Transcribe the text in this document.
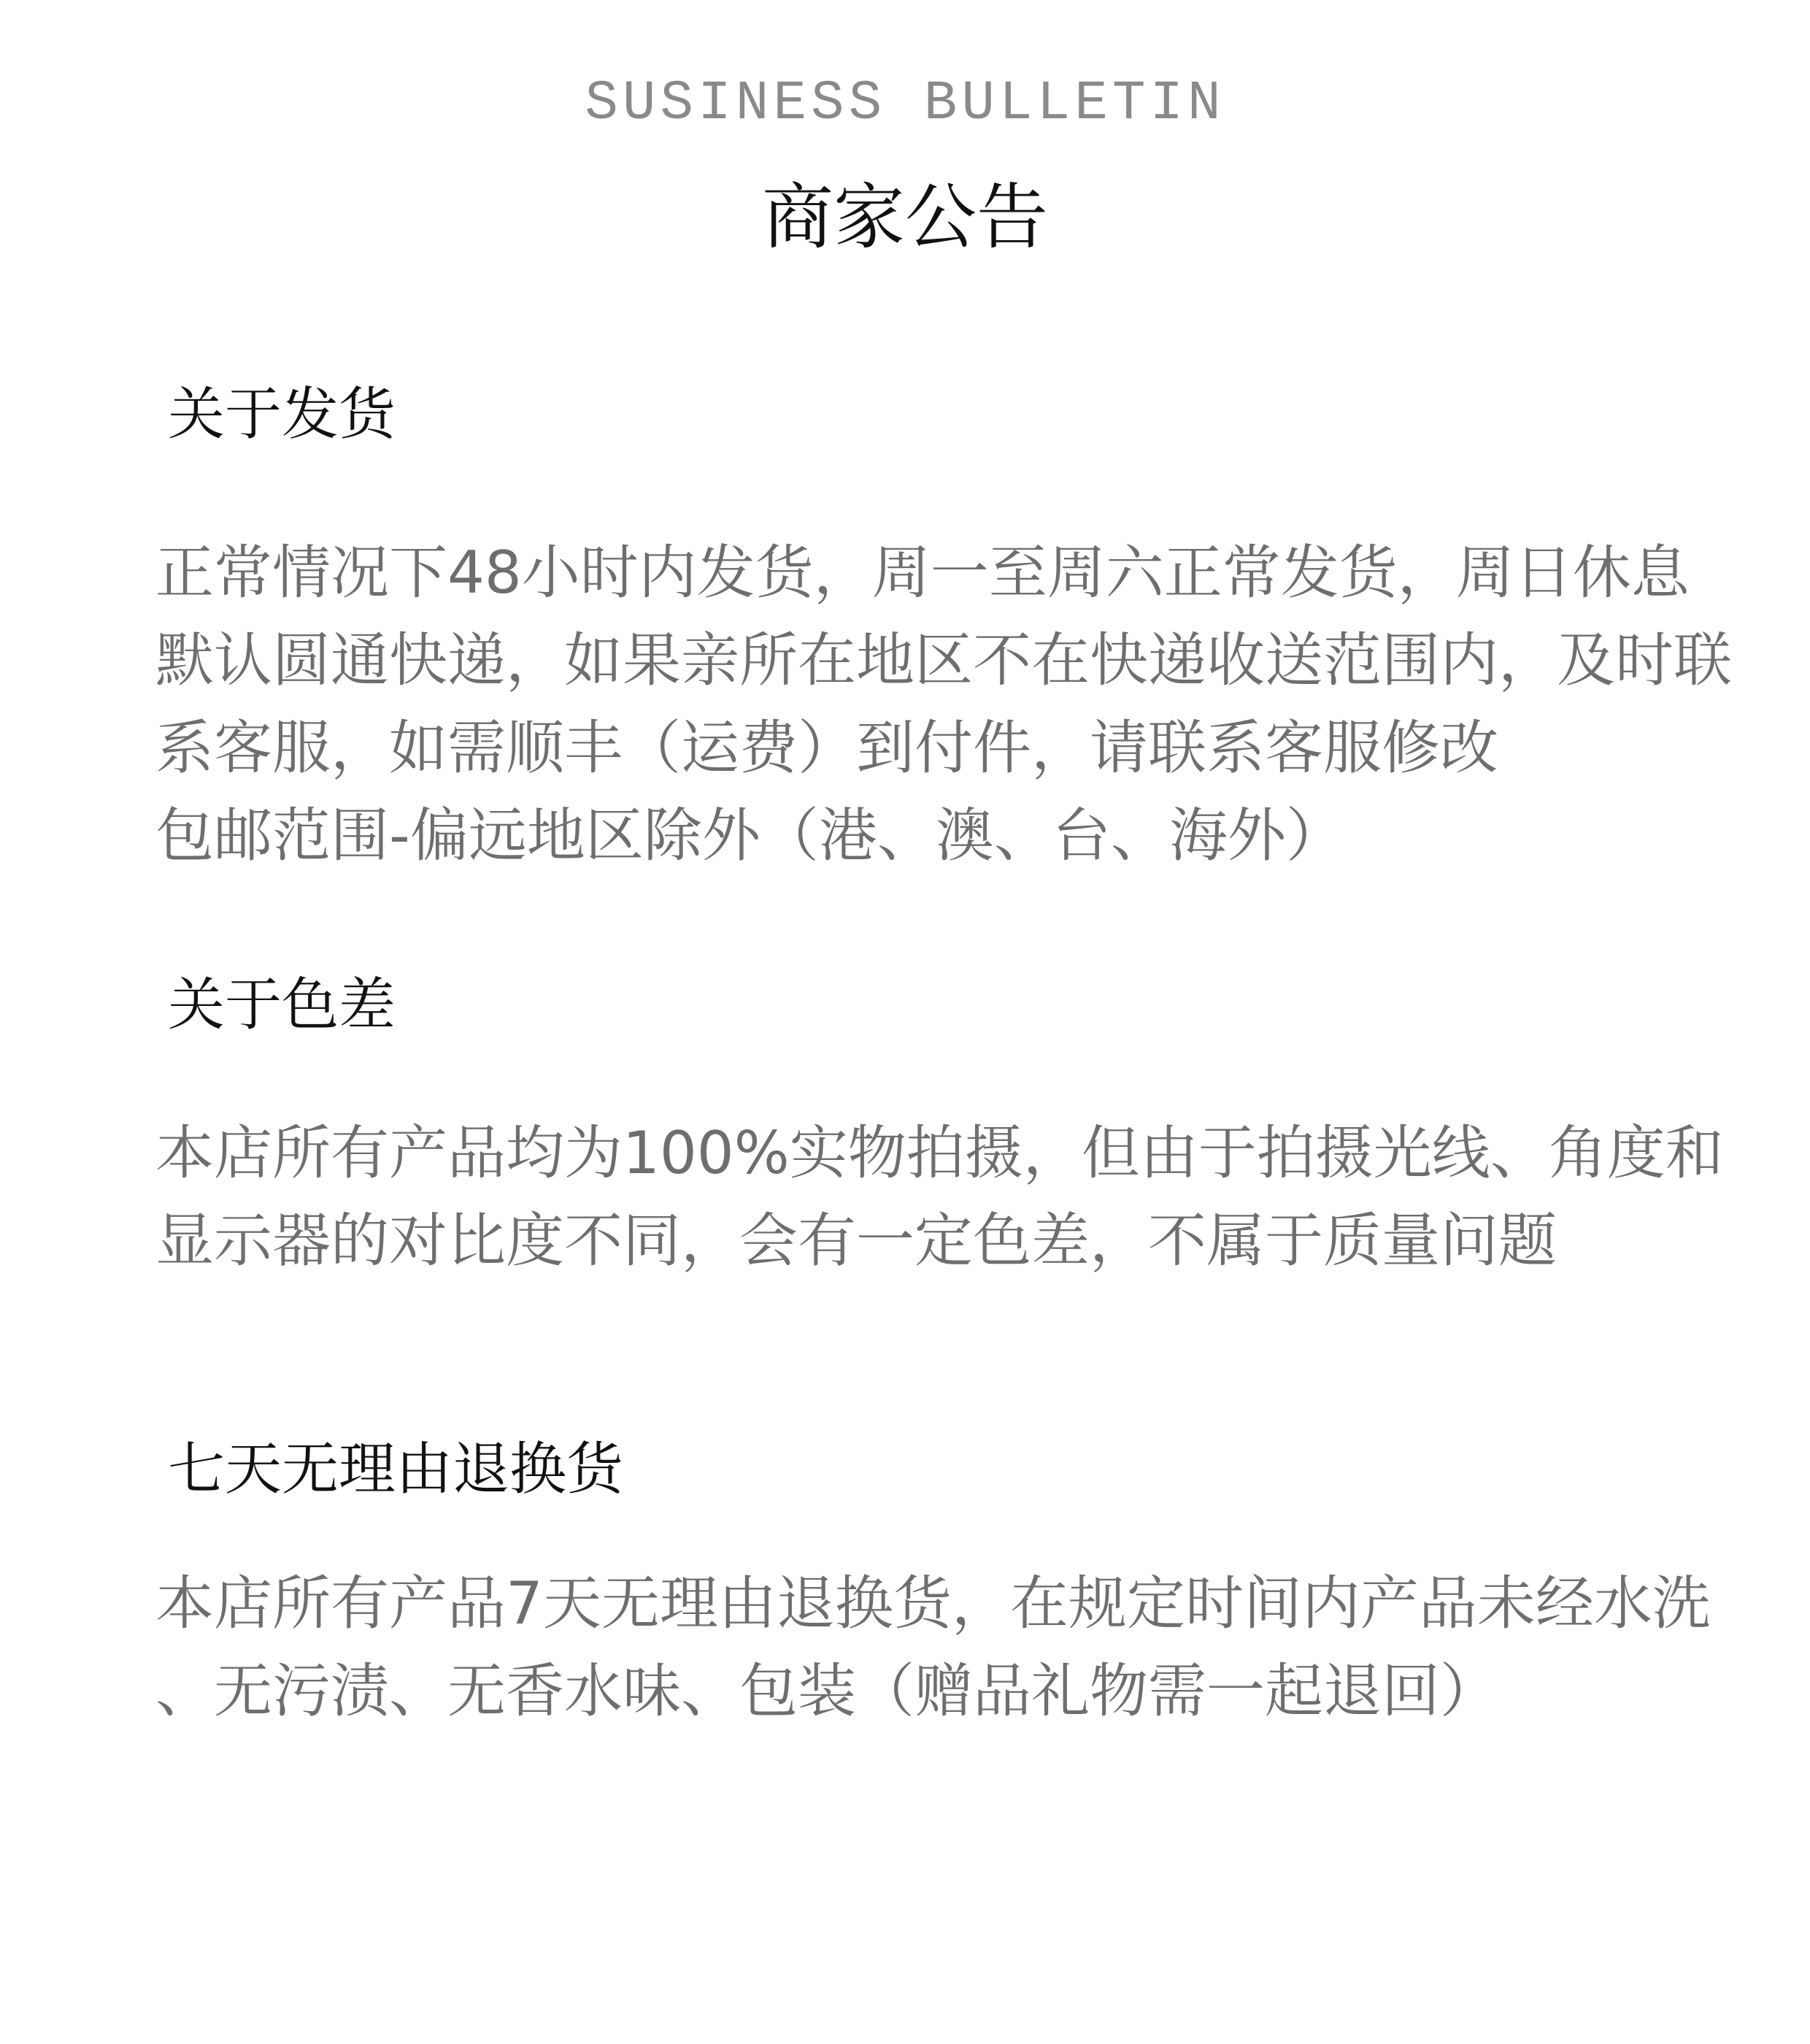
SUSINESS BULLETIN
商家公告
关于发货
正常情况下48小时内发货，周一至周六正常发货，周日休息
默认圆通快递，如果亲所在地区不在快递收送范围内，及时联
系客服，如需顺丰（运费）到付件，请联系客服修改
包邮范围-偏远地区除外（港、澳、台、海外）
关于色差
本店所有产品均为100%实物拍摄，但由于拍摄光线、角度和
显示器的对比度不同，会有一定色差，不属于质量问题
七天无理由退换货
本店所有产品7天无理由退换货，在规定时间内产品未经水洗
、无污渍、无香水味、包装（赠品礼物需一起退回）
